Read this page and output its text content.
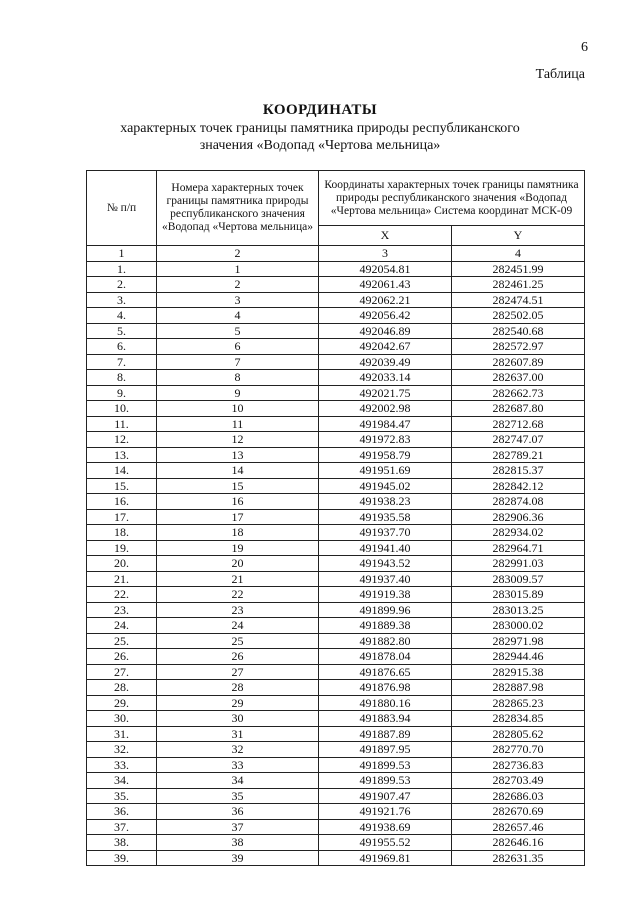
6
Таблица
КООРДИНАТЫ
характерных точек границы памятника природы республиканского
значения «Водопад «Чертова мельница»
№ п/п	Номера характерных точек границы памятника природы республиканского значения «Водопад «Чертова мельница»	Координаты характерных точек границы памятника природы республиканского значения «Водопад «Чертова мельница» Система координат МСК-09	
		X	Y
1	2	3	4
1.	1	492054.81	282451.99
2.	2	492061.43	282461.25
3.	3	492062.21	282474.51
4.	4	492056.42	282502.05
5.	5	492046.89	282540.68
6.	6	492042.67	282572.97
7.	7	492039.49	282607.89
8.	8	492033.14	282637.00
9.	9	492021.75	282662.73
10.	10	492002.98	282687.80
11.	11	491984.47	282712.68
12.	12	491972.83	282747.07
13.	13	491958.79	282789.21
14.	14	491951.69	282815.37
15.	15	491945.02	282842.12
16.	16	491938.23	282874.08
17.	17	491935.58	282906.36
18.	18	491937.70	282934.02
19.	19	491941.40	282964.71
20.	20	491943.52	282991.03
21.	21	491937.40	283009.57
22.	22	491919.38	283015.89
23.	23	491899.96	283013.25
24.	24	491889.38	283000.02
25.	25	491882.80	282971.98
26.	26	491878.04	282944.46
27.	27	491876.65	282915.38
28.	28	491876.98	282887.98
29.	29	491880.16	282865.23
30.	30	491883.94	282834.85
31.	31	491887.89	282805.62
32.	32	491897.95	282770.70
33.	33	491899.53	282736.83
34.	34	491899.53	282703.49
35.	35	491907.47	282686.03
36.	36	491921.76	282670.69
37.	37	491938.69	282657.46
38.	38	491955.52	282646.16
39.	39	491969.81	282631.35
